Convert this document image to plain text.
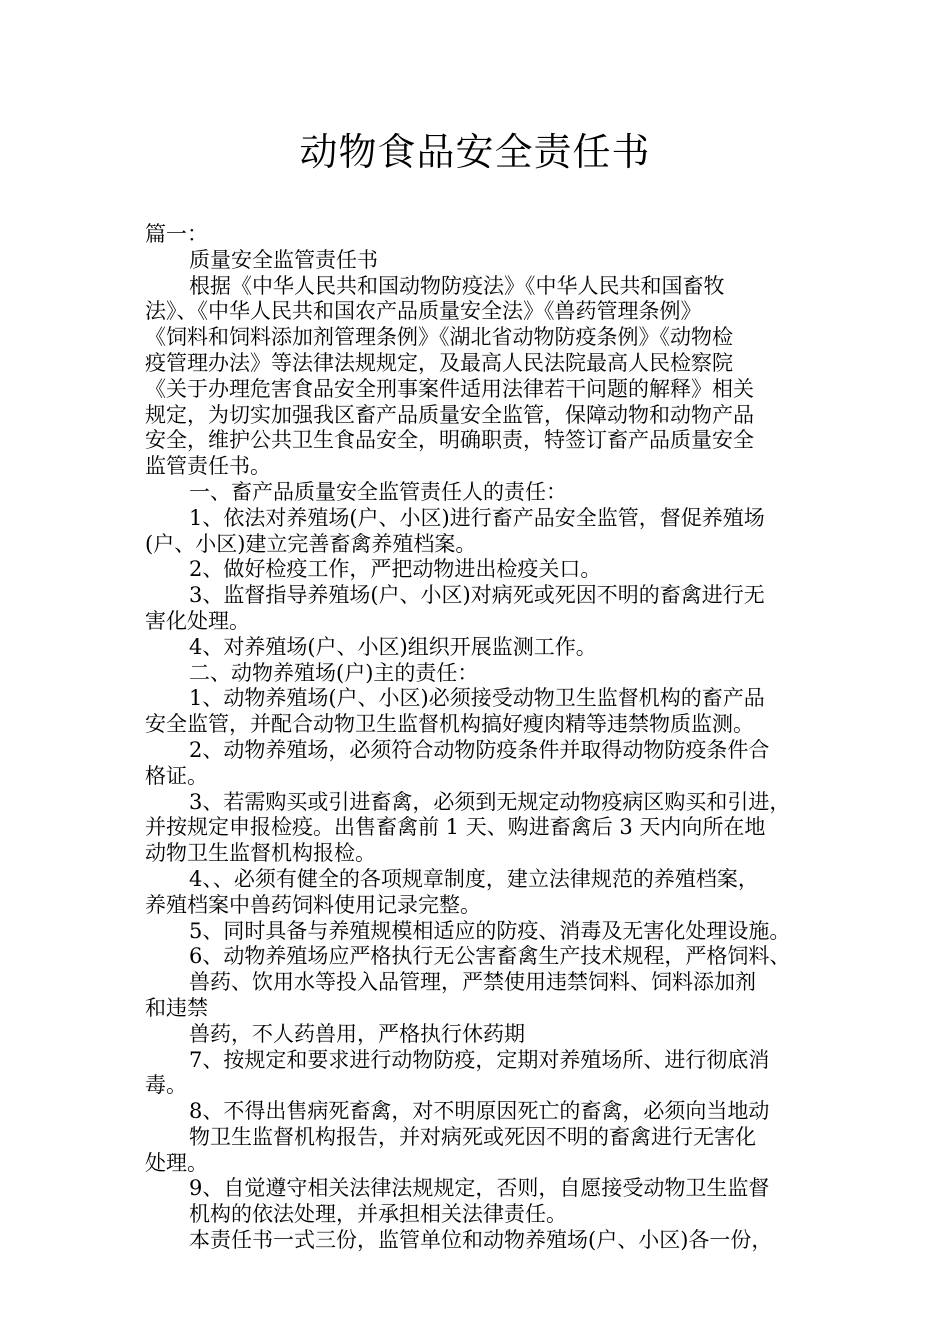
动物食品安全责任书

篇一：

质量安全监管责任书

根据《中华人民共和国动物防疫法》《中华人民共和国畜牧

法》、《中华人民共和国农产品质量安全法》《兽药管理条例》

《饲料和饲料添加剂管理条例》《湖北省动物防疫条例》《动物检

疫管理办法》等法律法规规定，及最高人民法院最高人民检察院

《关于办理危害食品安全刑事案件适用法律若干问题的解释》相关

规定，为切实加强我区畜产品质量安全监管，保障动物和动物产品

安全，维护公共卫生食品安全，明确职责，特签订畜产品质量安全

监管责任书。

一、畜产品质量安全监管责任人的责任：

1、依法对养殖场(户、小区)进行畜产品安全监管，督促养殖场

(户、小区)建立完善畜禽养殖档案。

2、做好检疫工作，严把动物进出检疫关口。

3、监督指导养殖场(户、小区)对病死或死因不明的畜禽进行无

害化处理。

4、对养殖场(户、小区)组织开展监测工作。

二、动物养殖场(户)主的责任：

1、动物养殖场(户、小区)必须接受动物卫生监督机构的畜产品

安全监管，并配合动物卫生监督机构搞好瘦肉精等违禁物质监测。

2、动物养殖场，必须符合动物防疫条件并取得动物防疫条件合

格证。

3、若需购买或引进畜禽，必须到无规定动物疫病区购买和引进，

并按规定申报检疫。出售畜禽前 1 天、购进畜禽后 3 天内向所在地

动物卫生监督机构报检。

4、、必须有健全的各项规章制度，建立法律规范的养殖档案，

养殖档案中兽药饲料使用记录完整。

5、同时具备与养殖规模相适应的防疫、消毒及无害化处理设施。

6、动物养殖场应严格执行无公害畜禽生产技术规程，严格饲料、

兽药、饮用水等投入品管理，严禁使用违禁饲料、饲料添加剂

和违禁

兽药，不人药兽用，严格执行休药期

7、按规定和要求进行动物防疫，定期对养殖场所、进行彻底消

毒。

8、不得出售病死畜禽，对不明原因死亡的畜禽，必须向当地动

物卫生监督机构报告，并对病死或死因不明的畜禽进行无害化

处理。

9、自觉遵守相关法律法规规定，否则，自愿接受动物卫生监督

机构的依法处理，并承担相关法律责任。

本责任书一式三份，监管单位和动物养殖场(户、小区)各一份，
